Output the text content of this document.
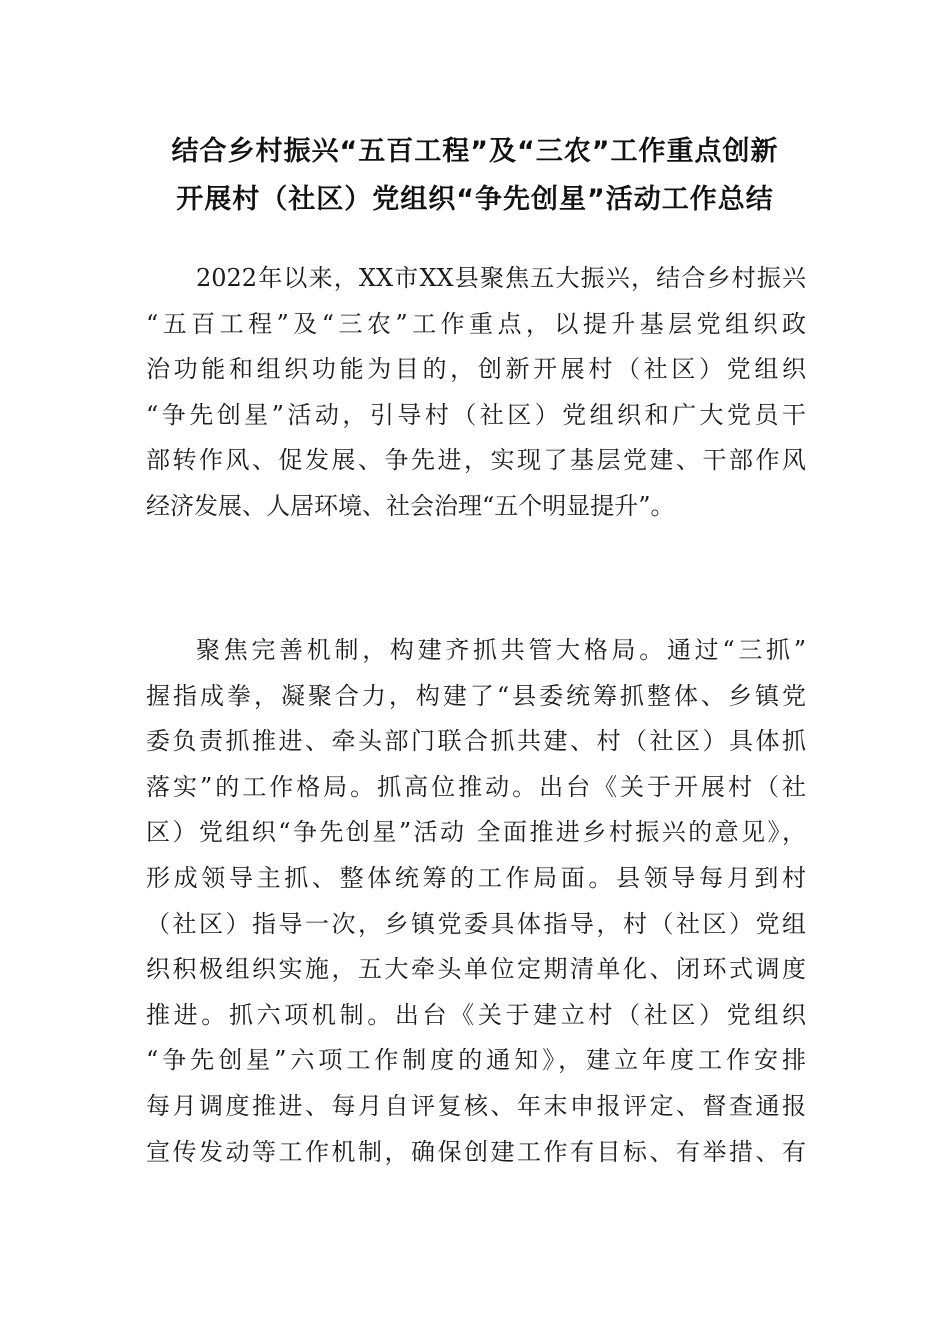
结合乡村振兴“五百工程”及“三农”工作重点创新
开展村（社区）党组织“争先创星”活动工作总结

2022年以来，XX市XX县聚焦五大振兴，结合乡村振兴
“五百工程”及“三农”工作重点，以提升基层党组织政
治功能和组织功能为目的，创新开展村（社区）党组织
“争先创星”活动，引导村（社区）党组织和广大党员干
部转作风、促发展、争先进，实现了基层党建、干部作风
经济发展、人居环境、社会治理“五个明显提升”。

聚焦完善机制，构建齐抓共管大格局。通过“三抓”
握指成拳，凝聚合力，构建了“县委统筹抓整体、乡镇党
委负责抓推进、牵头部门联合抓共建、村（社区）具体抓
落实”的工作格局。抓高位推动。出台《关于开展村（社
区）党组织“争先创星”活动 全面推进乡村振兴的意见》，
形成领导主抓、整体统筹的工作局面。县领导每月到村
（社区）指导一次，乡镇党委具体指导，村（社区）党组
织积极组织实施，五大牵头单位定期清单化、闭环式调度
推进。抓六项机制。出台《关于建立村（社区）党组织
“争先创星”六项工作制度的通知》，建立年度工作安排
每月调度推进、每月自评复核、年末申报评定、督查通报
宣传发动等工作机制，确保创建工作有目标、有举措、有
